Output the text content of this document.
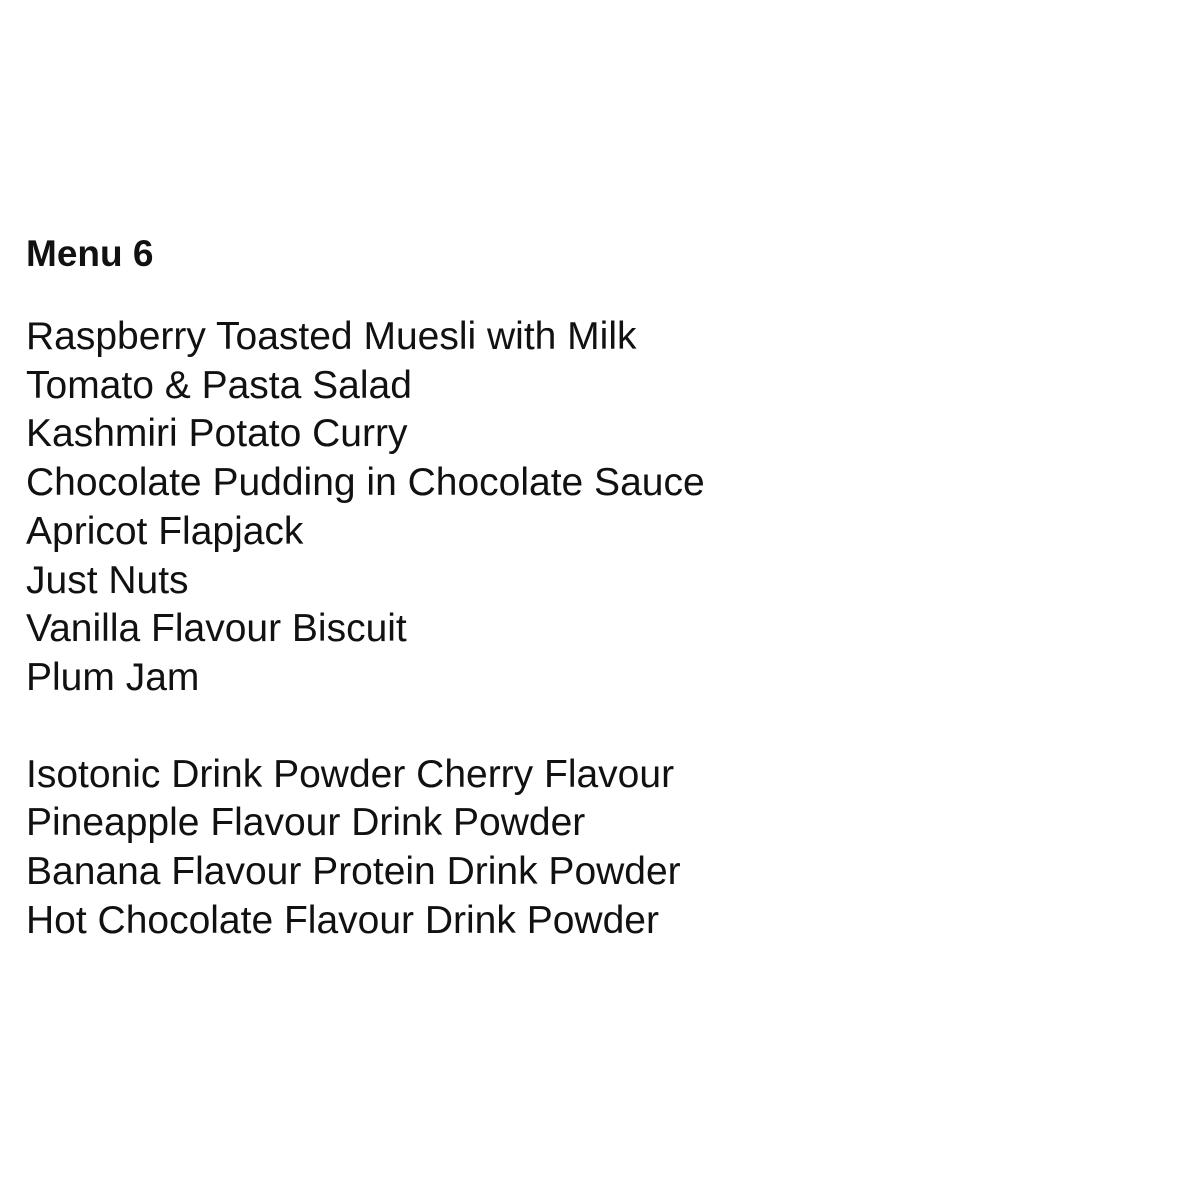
Menu 6
Raspberry Toasted Muesli with Milk
Tomato & Pasta Salad
Kashmiri Potato Curry
Chocolate Pudding in Chocolate Sauce
Apricot Flapjack
Just Nuts
Vanilla Flavour Biscuit
Plum Jam
Isotonic Drink Powder Cherry Flavour
Pineapple Flavour Drink Powder
Banana Flavour Protein Drink Powder
Hot Chocolate Flavour Drink Powder
